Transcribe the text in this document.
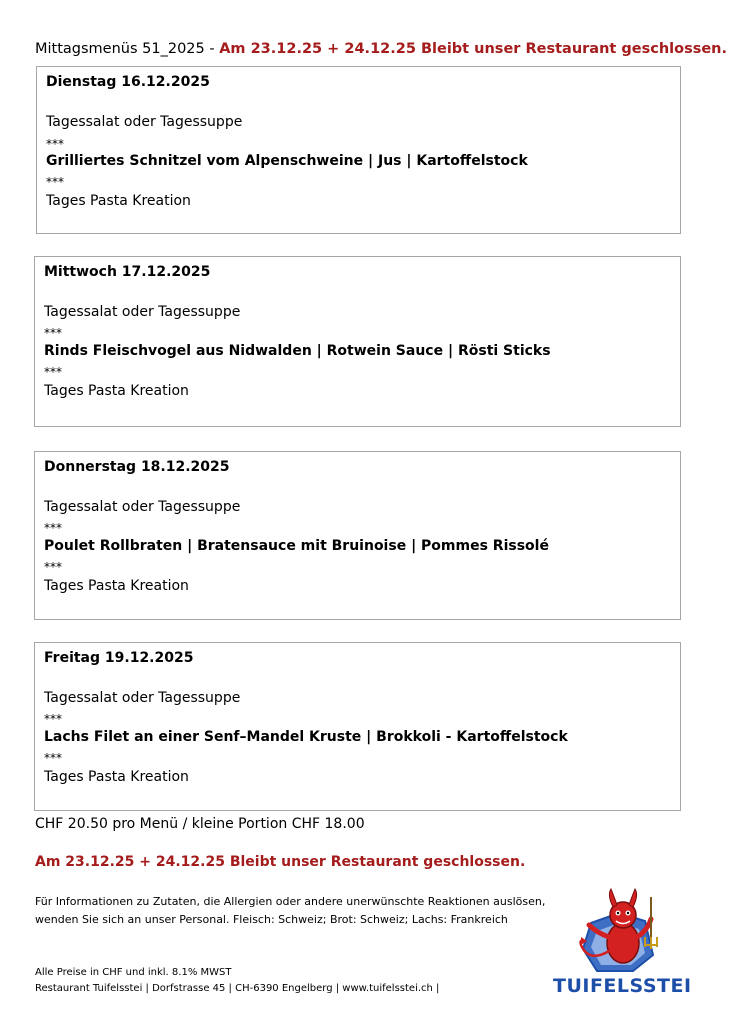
Mittagsmenüs 51_2025 - Am 23.12.25 + 24.12.25 Bleibt unser Restaurant geschlossen.
Dienstag 16.12.2025
Tagessalat oder Tagessuppe
***
Grilliertes Schnitzel vom Alpenschweine | Jus | Kartoffelstock
***
Tages Pasta Kreation
Mittwoch 17.12.2025
Tagessalat oder Tagessuppe
***
Rinds Fleischvogel aus Nidwalden | Rotwein Sauce | Rösti Sticks
***
Tages Pasta Kreation
Donnerstag 18.12.2025
Tagessalat oder Tagessuppe
***
Poulet Rollbraten | Bratensauce mit Bruinoise | Pommes Rissolé
***
Tages Pasta Kreation
Freitag 19.12.2025
Tagessalat oder Tagessuppe
***
Lachs Filet an einer Senf–Mandel Kruste | Brokkoli - Kartoffelstock
***
Tages Pasta Kreation
CHF 20.50 pro Menü / kleine Portion CHF 18.00
Am 23.12.25 + 24.12.25 Bleibt unser Restaurant geschlossen.
Für Informationen zu Zutaten, die Allergien oder andere unerwünschte Reaktionen auslösen,
wenden Sie sich an unser Personal. Fleisch: Schweiz; Brot: Schweiz; Lachs: Frankreich
Alle Preise in CHF und inkl. 8.1% MWST
Restaurant Tuifelsstei | Dorfstrasse 45 | CH-6390 Engelberg | www.tuifelsstei.ch |	TUIFELSSTEI
